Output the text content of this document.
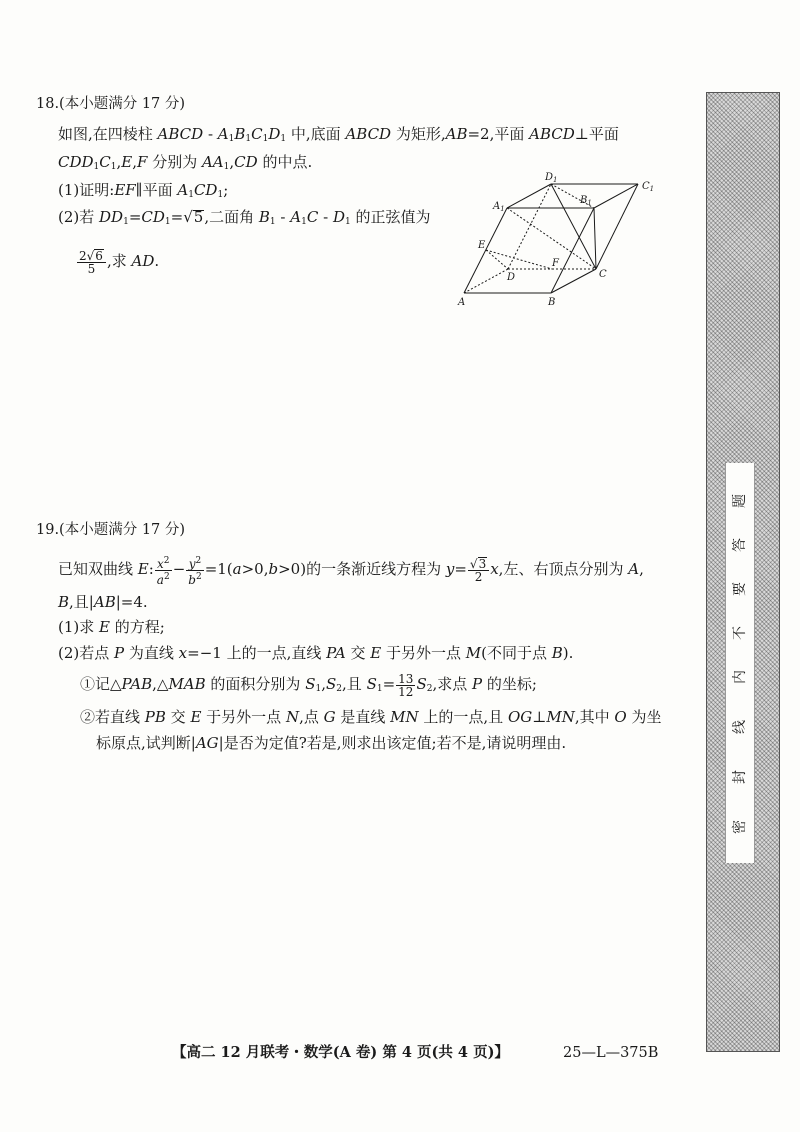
18.(本小题满分 17 分)
如图,在四棱柱 ABCD - $A_1B_1C_1D_1$ 中,底面 ABCD 为矩形,AB=2,平面 ABCD⊥平面
$CDD_1C_1,E,F$ 分别为 $AA_1,CD$ 的中点.
(1)证明:EF∥平面 $A_1CD_1$;
(2)若 $DD_1=CD_1=√5$,二面角 $B_1 - A_1C - D_1$ 的正弦值为
$\frac{2√6}{5}$ ,求 AD.
$D_1$
$C_1$
$A_1$
$B_1$
E
F
D	C
A	B
19.(本小题满分 17 分)
已知双曲线 E: $\frac{x^2}{a^2} - \frac{y^2}{b^2} =1(a>0,b>0)$的一条渐近线方程为 $y= \frac{√3}{2} x$,左、右顶点分别为 A,
B,且|AB|=4.
(1)求 E 的方程;
(2)若点 P 为直线 x=−1 上的一点,直线 PA 交 E 于另外一点 M(不同于点 B).
①记△PAB,△MAB 的面积分别为 $S_1,S_2$,且 $S_1= \frac{13}{12} S_2$,求点 P 的坐标;
②若直线 PB 交 E 于另外一点 N,点 G 是直线 MN 上的一点,且 OG⊥MN,其中 O 为坐
标原点,试判断|AG|是否为定值?若是,则求出该定值;若不是,请说明理由.
密
封
线
内
不
要
答
题
【高二 12 月联考・数学(A 卷) 第 4 页(共 4 页)】	25—L—375B
